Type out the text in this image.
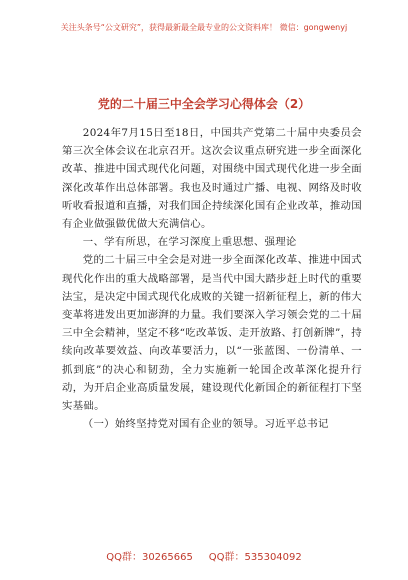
关注头条号“公文研究”，获得最新最全最专业的公文资料库！ 微信：gongwenyj
党的二十届三中全会学习心得体会（2）

2024年7月15日至18日，中国共产党第二十届中央委员会第三次全体会议在北京召开。这次会议重点研究进一步全面深化改革、推进中国式现代化问题，对围绕中国式现代化进一步全面深化改革作出总体部署。我也及时通过广播、电视、网络及时收听收看报道和直播，对我们国企持续深化国有企业改革，推动国有企业做强做优做大充满信心。

一、学有所思，在学习深度上重思想、强理论

党的二十届三中全会是对进一步全面深化改革、推进中国式现代化作出的重大战略部署，是当代中国大踏步赶上时代的重要法宝，是决定中国式现代化成败的关键一招新征程上，新的伟大变革将进发出更加澎湃的力量。我们要深入学习领会党的二十届三中全会精神，坚定不移“吃改革饭、走开放路、打创新牌”，持续向改革要效益、向改革要活力，以“一张蓝图、一份清单、一抓到底”的决心和韧劲，全力实施新一轮国企改革深化提升行动，为开启企业高质量发展，建设现代化新国企的新征程打下坚实基础。

（一）始终坚持党对国有企业的领导。习近平总书记

QQ群：30265665     QQ群：535304092
